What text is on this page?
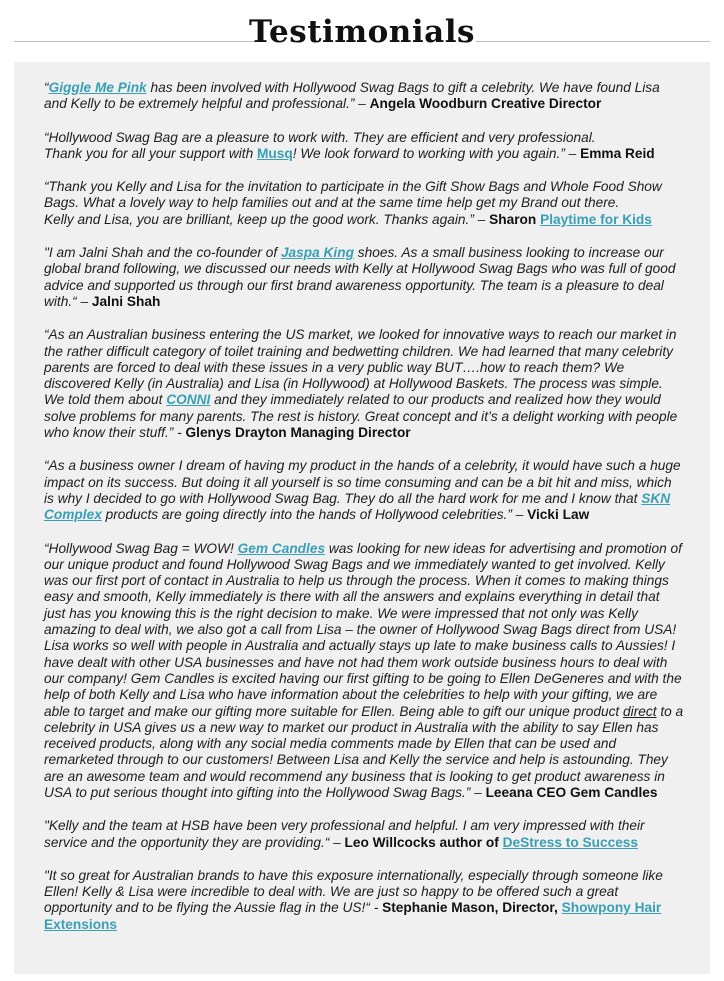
Testimonials

“Giggle Me Pink has been involved with Hollywood Swag Bags to gift a celebrity. We have found Lisa and Kelly to be extremely helpful and professional.” – Angela Woodburn Creative Director

“Hollywood Swag Bag are a pleasure to work with. They are efficient and very professional.
Thank you for all your support with Musq! We look forward to working with you again.” – Emma Reid

“Thank you Kelly and Lisa for the invitation to participate in the Gift Show Bags and Whole Food Show Bags. What a lovely way to help families out and at the same time help get my Brand out there.
Kelly and Lisa, you are brilliant, keep up the good work. Thanks again.” – Sharon Playtime for Kids

"I am Jalni Shah and the co-founder of Jaspa King shoes. As a small business looking to increase our global brand following, we discussed our needs with Kelly at Hollywood Swag Bags who was full of good advice and supported us through our first brand awareness opportunity. The team is a pleasure to deal with.“ – Jalni Shah

“As an Australian business entering the US market, we looked for innovative ways to reach our market in the rather difficult category of toilet training and bedwetting children. We had learned that many celebrity parents are forced to deal with these issues in a very public way BUT….how to reach them? We discovered Kelly (in Australia) and Lisa (in Hollywood) at Hollywood Baskets. The process was simple. We told them about CONNI and they immediately related to our products and realized how they would solve problems for many parents. The rest is history. Great concept and it’s a delight working with people who know their stuff.” - Glenys Drayton Managing Director

“As a business owner I dream of having my product in the hands of a celebrity, it would have such a huge impact on its success. But doing it all yourself is so time consuming and can be a bit hit and miss, which is why I decided to go with Hollywood Swag Bag. They do all the hard work for me and I know that SKN Complex products are going directly into the hands of Hollywood celebrities.” – Vicki Law

“Hollywood Swag Bag = WOW! Gem Candles was looking for new ideas for advertising and promotion of our unique product and found Hollywood Swag Bags and we immediately wanted to get involved. Kelly was our first port of contact in Australia to help us through the process. When it comes to making things easy and smooth, Kelly immediately is there with all the answers and explains everything in detail that just has you knowing this is the right decision to make. We were impressed that not only was Kelly amazing to deal with, we also got a call from Lisa – the owner of Hollywood Swag Bags direct from USA! Lisa works so well with people in Australia and actually stays up late to make business calls to Aussies! I have dealt with other USA businesses and have not had them work outside business hours to deal with our company! Gem Candles is excited having our first gifting to be going to Ellen DeGeneres and with the help of both Kelly and Lisa who have information about the celebrities to help with your gifting, we are able to target and make our gifting more suitable for Ellen. Being able to gift our unique product direct to a celebrity in USA gives us a new way to market our product in Australia with the ability to say Ellen has received products, along with any social media comments made by Ellen that can be used and remarketed through to our customers! Between Lisa and Kelly the service and help is astounding. They are an awesome team and would recommend any business that is looking to get product awareness in USA to put serious thought into gifting into the Hollywood Swag Bags.” – Leeana CEO Gem Candles

"Kelly and the team at HSB have been very professional and helpful. I am very impressed with their service and the opportunity they are providing.“ – Leo Willcocks author of DeStress to Success

"It so great for Australian brands to have this exposure internationally, especially through someone like Ellen! Kelly & Lisa were incredible to deal with. We are just so happy to be offered such a great opportunity and to be flying the Aussie flag in the US!“ - Stephanie Mason, Director, Showpony Hair Extensions
